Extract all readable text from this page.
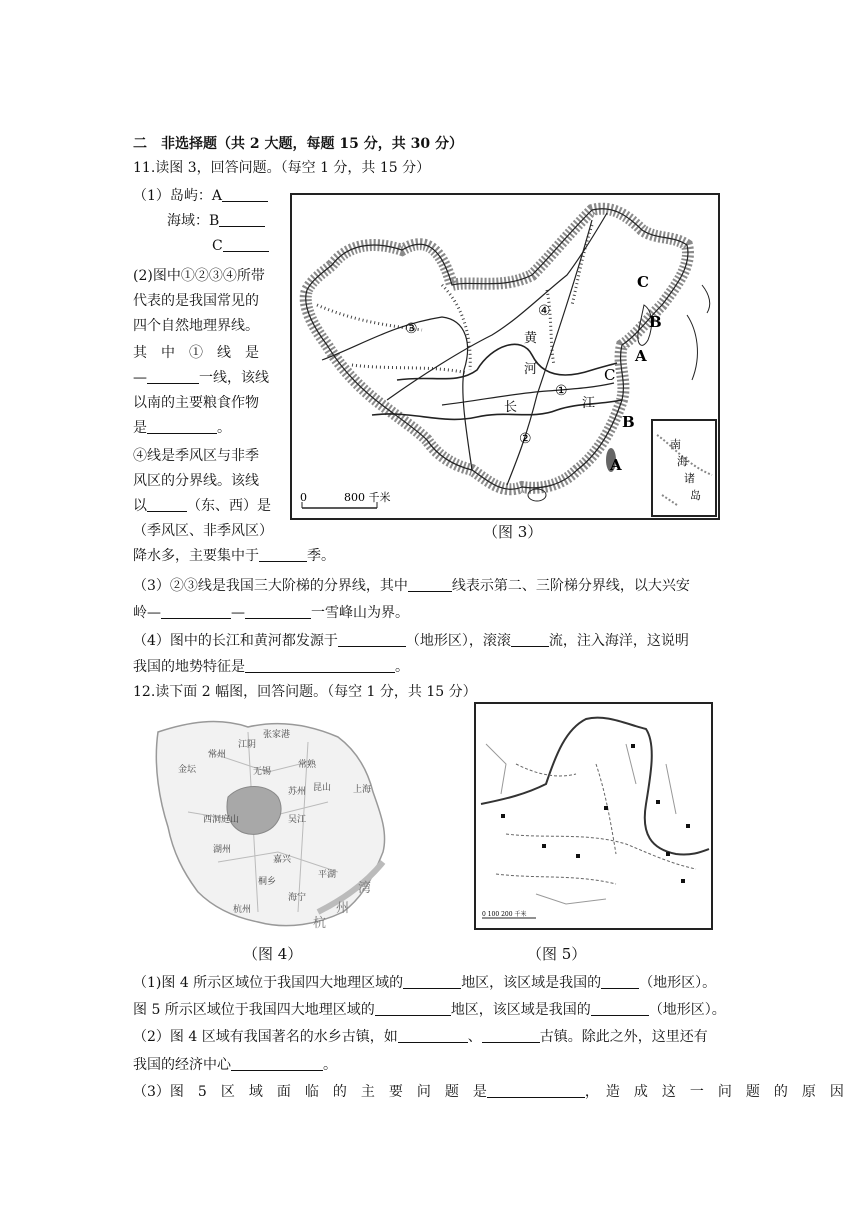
二　非选择题（共 2 大题，每题 15 分，共 30 分）
11.读图 3，回答问题。（每空 1 分，共 15 分）
（1）岛屿：A
海域：B
C
(2)图中①②③④所带
代表的是我国常见的
四个自然地理界线。
其　中　①　线　是
—	一线，该线
以南的主要粮食作物
是	。
④线是季风区与非季
风区的分界线。该线
以	（东、西）是
（季风区、非季风区）
降水多，主要集中于	季。
C
B
A
C
B
A
黄
河
长	江
①
②
③
④
南
海
诸
岛
0	800 千米
（图 3）
（3）②③线是我国三大阶梯的分界线，其中	线表示第二、三阶梯分界线，以大兴安
岭—	—	一雪峰山为界。
（4）图中的长江和黄河都发源于	（地形区），滚滚	流，注入海洋，这说明
我国的地势特征是	。
12.读下面 2 幅图，回答问题。（每空 1 分，共 15 分）
江阴
张家港
常州
金坛	无锡
常熟
苏州 昆山 上海
吴江
湖州
嘉兴
平湖
桐乡
海宁
杭州
西洞庭山
杭
州
湾
（图 4）
0 100 200 千米
（图 5）
（1)图 4 所示区域位于我国四大地理区域的	地区，该区域是我国的	（地形区）。
图 5 所示区域位于我国四大地理区域的	地区，该区域是我国的	（地形区）。
（2）图 4 区域有我国著名的水乡古镇，如	、	古镇。除此之外，这里还有
我国的经济中心	。
（3）图　5　区　域　面　临　的　主　要　问　题　是	，　造　成　这　一　问　题　的　原　因
